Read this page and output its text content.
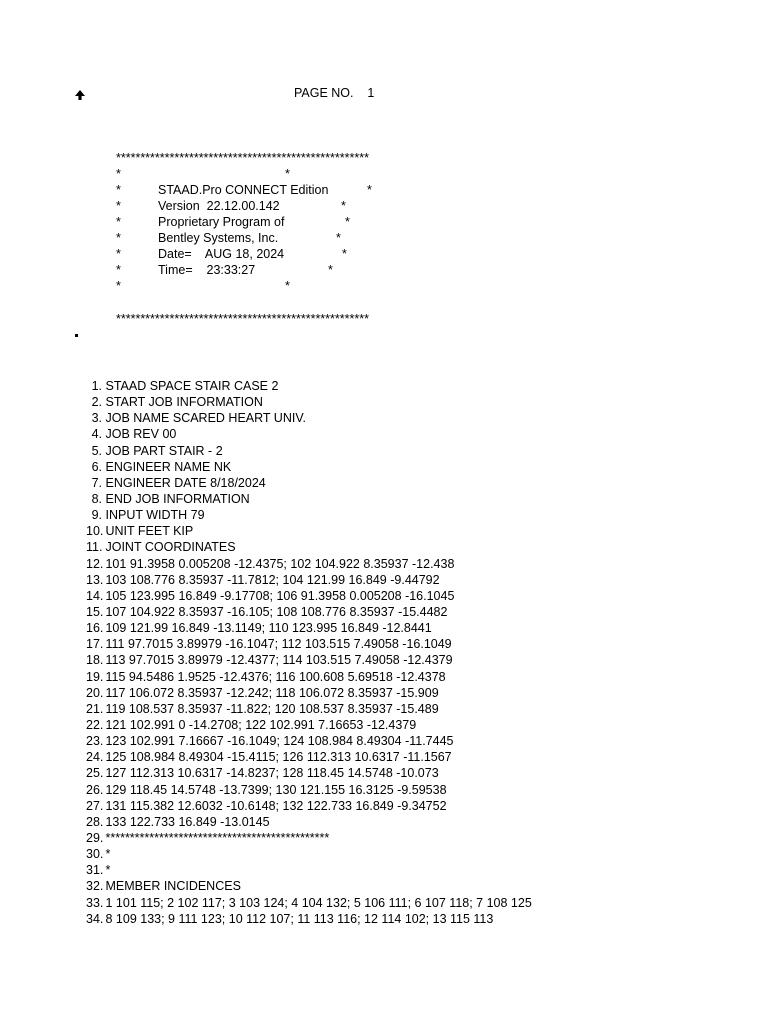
PAGE NO. 1
****************************************************
*	*
*	STAAD.Pro CONNECT Edition	*
*	Version  22.12.00.142	*
*	Proprietary Program of	*
*	Bentley Systems, Inc.	*
*	Date=    AUG 18, 2024	*
*	Time=    23:33:27	*
*	*
****************************************************
1. STAAD SPACE STAIR CASE 2
2. START JOB INFORMATION
3. JOB NAME SCARED HEART UNIV.
4. JOB REV 00
5. JOB PART STAIR - 2
6. ENGINEER NAME NK
7. ENGINEER DATE 8/18/2024
8. END JOB INFORMATION
9. INPUT WIDTH 79
10. UNIT FEET KIP
11. JOINT COORDINATES
12. 101 91.3958 0.005208 -12.4375; 102 104.922 8.35937 -12.438
13. 103 108.776 8.35937 -11.7812; 104 121.99 16.849 -9.44792
14. 105 123.995 16.849 -9.17708; 106 91.3958 0.005208 -16.1045
15. 107 104.922 8.35937 -16.105; 108 108.776 8.35937 -15.4482
16. 109 121.99 16.849 -13.1149; 110 123.995 16.849 -12.8441
17. 111 97.7015 3.89979 -16.1047; 112 103.515 7.49058 -16.1049
18. 113 97.7015 3.89979 -12.4377; 114 103.515 7.49058 -12.4379
19. 115 94.5486 1.9525 -12.4376; 116 100.608 5.69518 -12.4378
20. 117 106.072 8.35937 -12.242; 118 106.072 8.35937 -15.909
21. 119 108.537 8.35937 -11.822; 120 108.537 8.35937 -15.489
22. 121 102.991 0 -14.2708; 122 102.991 7.16653 -12.4379
23. 123 102.991 7.16667 -16.1049; 124 108.984 8.49304 -11.7445
24. 125 108.984 8.49304 -15.4115; 126 112.313 10.6317 -11.1567
25. 127 112.313 10.6317 -14.8237; 128 118.45 14.5748 -10.073
26. 129 118.45 14.5748 -13.7399; 130 121.155 16.3125 -9.59538
27. 131 115.382 12.6032 -10.6148; 132 122.733 16.849 -9.34752
28. 133 122.733 16.849 -13.0145
29. **********************************************
30. *
31. *
32. MEMBER INCIDENCES
33. 1 101 115; 2 102 117; 3 103 124; 4 104 132; 5 106 111; 6 107 118; 7 108 125
34. 8 109 133; 9 111 123; 10 112 107; 11 113 116; 12 114 102; 13 115 113
